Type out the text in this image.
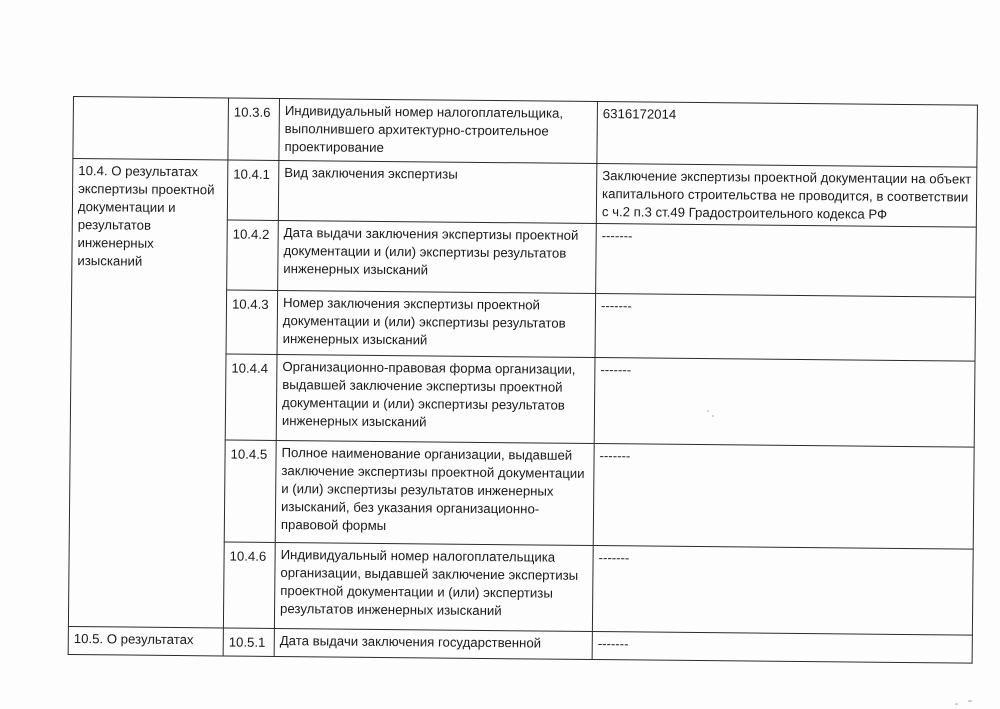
	10.3.6	Индивидуальный номер налогоплательщика, выполнившего архитектурно-строительное проектирование	6316172014
10.4. О результатах экспертизы проектной документации и результатов инженерных изысканий	10.4.1	Вид заключения экспертизы	Заключение экспертизы проектной документации на объект капитального строительства не проводится, в соответствии с ч.2 п.3 ст.49 Градостроительного кодекса РФ

	10.4.2	Дата выдачи заключения экспертизы проектной документации и (или) экспертизы результатов инженерных изысканий	-------

	10.4.3	Номер заключения экспертизы проектной документации и (или) экспертизы результатов инженерных изысканий	-------

	10.4.4	Организационно-правовая форма организации, выдавшей заключение экспертизы проектной документации и (или) экспертизы результатов инженерных изысканий	-------

	10.4.5	Полное наименование организации, выдавшей заключение экспертизы проектной документации и (или) экспертизы результатов инженерных изысканий, без указания организационно-правовой формы	-------

	10.4.6	Индивидуальный номер налогоплательщика организации, выдавшей заключение экспертизы проектной документации и (или) экспертизы результатов инженерных изысканий	-------
10.5. О результатах	10.5.1	Дата выдачи заключения государственной	-------
